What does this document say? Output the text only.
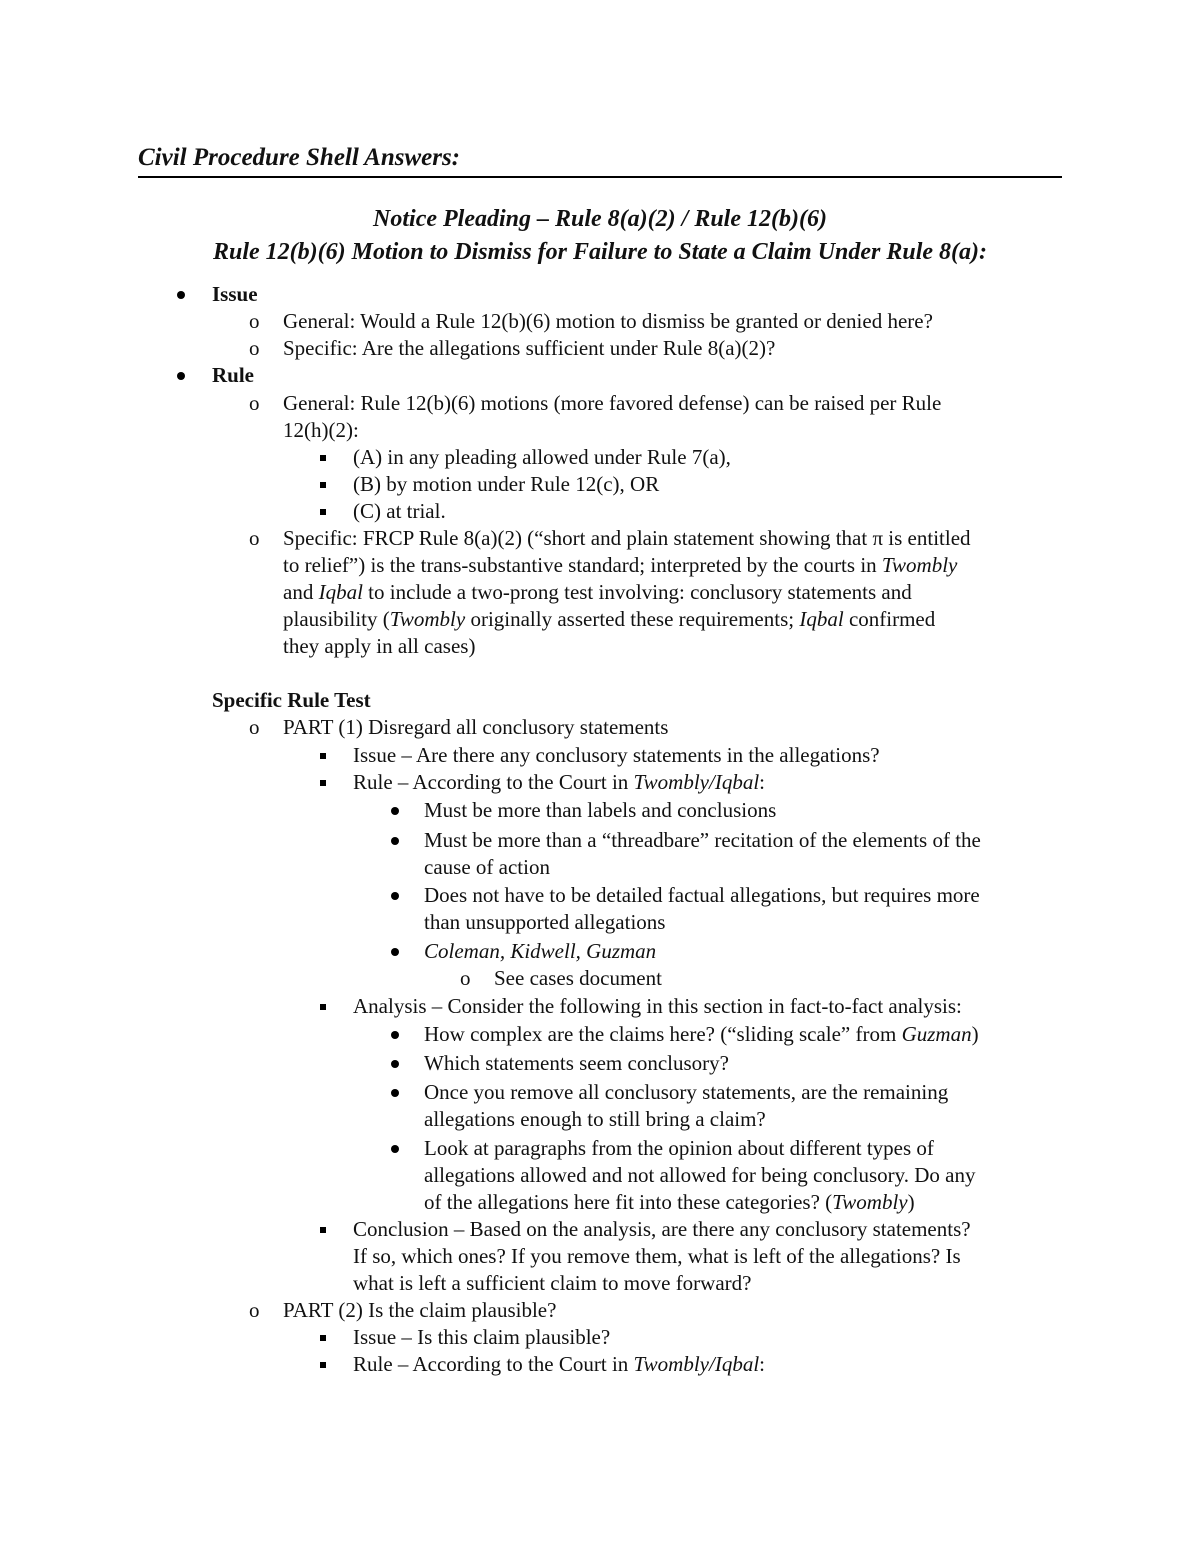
Civil Procedure Shell Answers:
Notice Pleading – Rule 8(a)(2) / Rule 12(b)(6)
Rule 12(b)(6) Motion to Dismiss for Failure to State a Claim Under Rule 8(a):
Issue
o General: Would a Rule 12(b)(6) motion to dismiss be granted or denied here?
o Specific: Are the allegations sufficient under Rule 8(a)(2)?
Rule
o General: Rule 12(b)(6) motions (more favored defense) can be raised per Rule
12(h)(2):
(A) in any pleading allowed under Rule 7(a),
(B) by motion under Rule 12(c), OR
(C) at trial.
o Specific: FRCP Rule 8(a)(2) (“short and plain statement showing that π is entitled
to relief”) is the trans-substantive standard; interpreted by the courts in Twombly
and Iqbal to include a two-prong test involving: conclusory statements and
plausibility (Twombly originally asserted these requirements; Iqbal confirmed
they apply in all cases)
Specific Rule Test
o PART (1) Disregard all conclusory statements
Issue – Are there any conclusory statements in the allegations?
Rule – According to the Court in Twombly/Iqbal:
Must be more than labels and conclusions
Must be more than a “threadbare” recitation of the elements of the
cause of action
Does not have to be detailed factual allegations, but requires more
than unsupported allegations
Coleman, Kidwell, Guzman
o See cases document
Analysis – Consider the following in this section in fact-to-fact analysis:
How complex are the claims here? (“sliding scale” from Guzman)
Which statements seem conclusory?
Once you remove all conclusory statements, are the remaining
allegations enough to still bring a claim?
Look at paragraphs from the opinion about different types of
allegations allowed and not allowed for being conclusory. Do any
of the allegations here fit into these categories? (Twombly)
Conclusion – Based on the analysis, are there any conclusory statements?
If so, which ones? If you remove them, what is left of the allegations? Is
what is left a sufficient claim to move forward?
o PART (2) Is the claim plausible?
Issue – Is this claim plausible?
Rule – According to the Court in Twombly/Iqbal:
